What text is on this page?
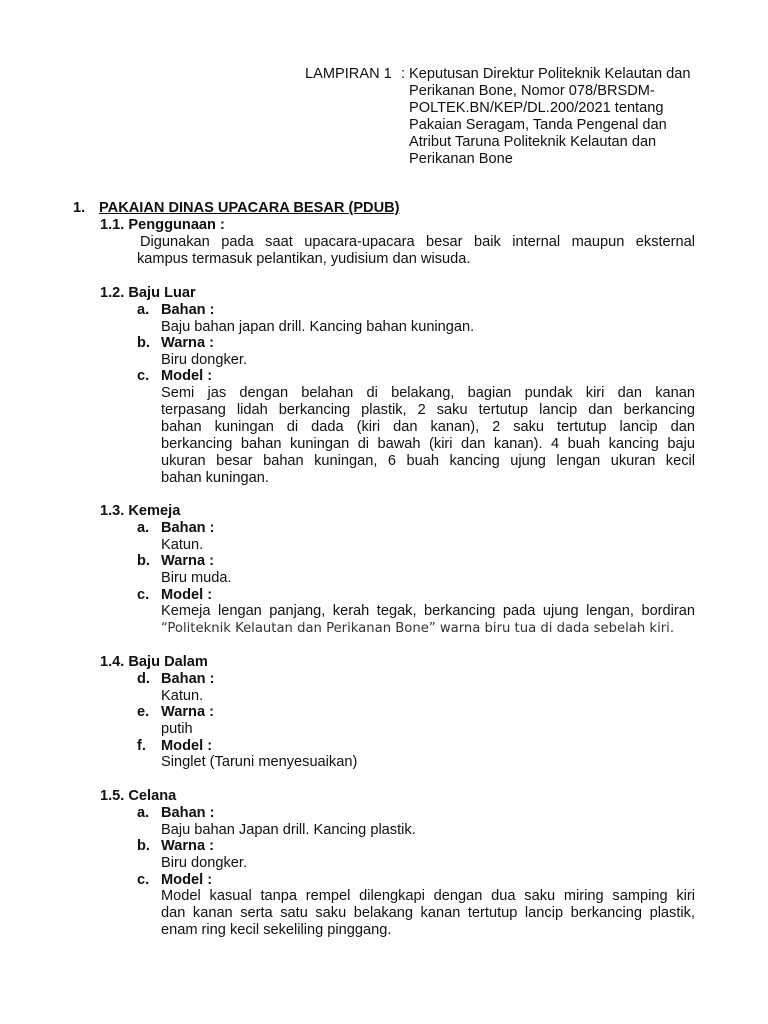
LAMPIRAN 1 : Keputusan Direktur Politeknik Kelautan dan
Perikanan Bone, Nomor 078/BRSDM-
POLTEK.BN/KEP/DL.200/2021 tentang
Pakaian Seragam, Tanda Pengenal dan
Atribut Taruna Politeknik Kelautan dan
Perikanan Bone
1. PAKAIAN DINAS UPACARA BESAR (PDUB)
1.1. Penggunaan :
Digunakan pada saat upacara-upacara besar baik internal maupun eksternal
kampus termasuk pelantikan, yudisium dan wisuda.
1.2. Baju Luar
a. Bahan :
Baju bahan japan drill. Kancing bahan kuningan.
b. Warna :
Biru dongker.
c. Model :
Semi jas dengan belahan di belakang, bagian pundak kiri dan kanan
terpasang lidah berkancing plastik, 2 saku tertutup lancip dan berkancing
bahan kuningan di dada (kiri dan kanan), 2 saku tertutup lancip dan
berkancing bahan kuningan di bawah (kiri dan kanan). 4 buah kancing baju
ukuran besar bahan kuningan, 6 buah kancing ujung lengan ukuran kecil
bahan kuningan.
1.3. Kemeja
a. Bahan :
Katun.
b. Warna :
Biru muda.
c. Model :
Kemeja lengan panjang, kerah tegak, berkancing pada ujung lengan, bordiran
“Politeknik Kelautan dan Perikanan Bone” warna biru tua di dada sebelah kiri.
1.4. Baju Dalam
d. Bahan :
Katun.
e. Warna :
putih
f. Model :
Singlet (Taruni menyesuaikan)
1.5. Celana
a. Bahan :
Baju bahan Japan drill. Kancing plastik.
b. Warna :
Biru dongker.
c. Model :
Model kasual tanpa rempel dilengkapi dengan dua saku miring samping kiri
dan kanan serta satu saku belakang kanan tertutup lancip berkancing plastik,
enam ring kecil sekeliling pinggang.
